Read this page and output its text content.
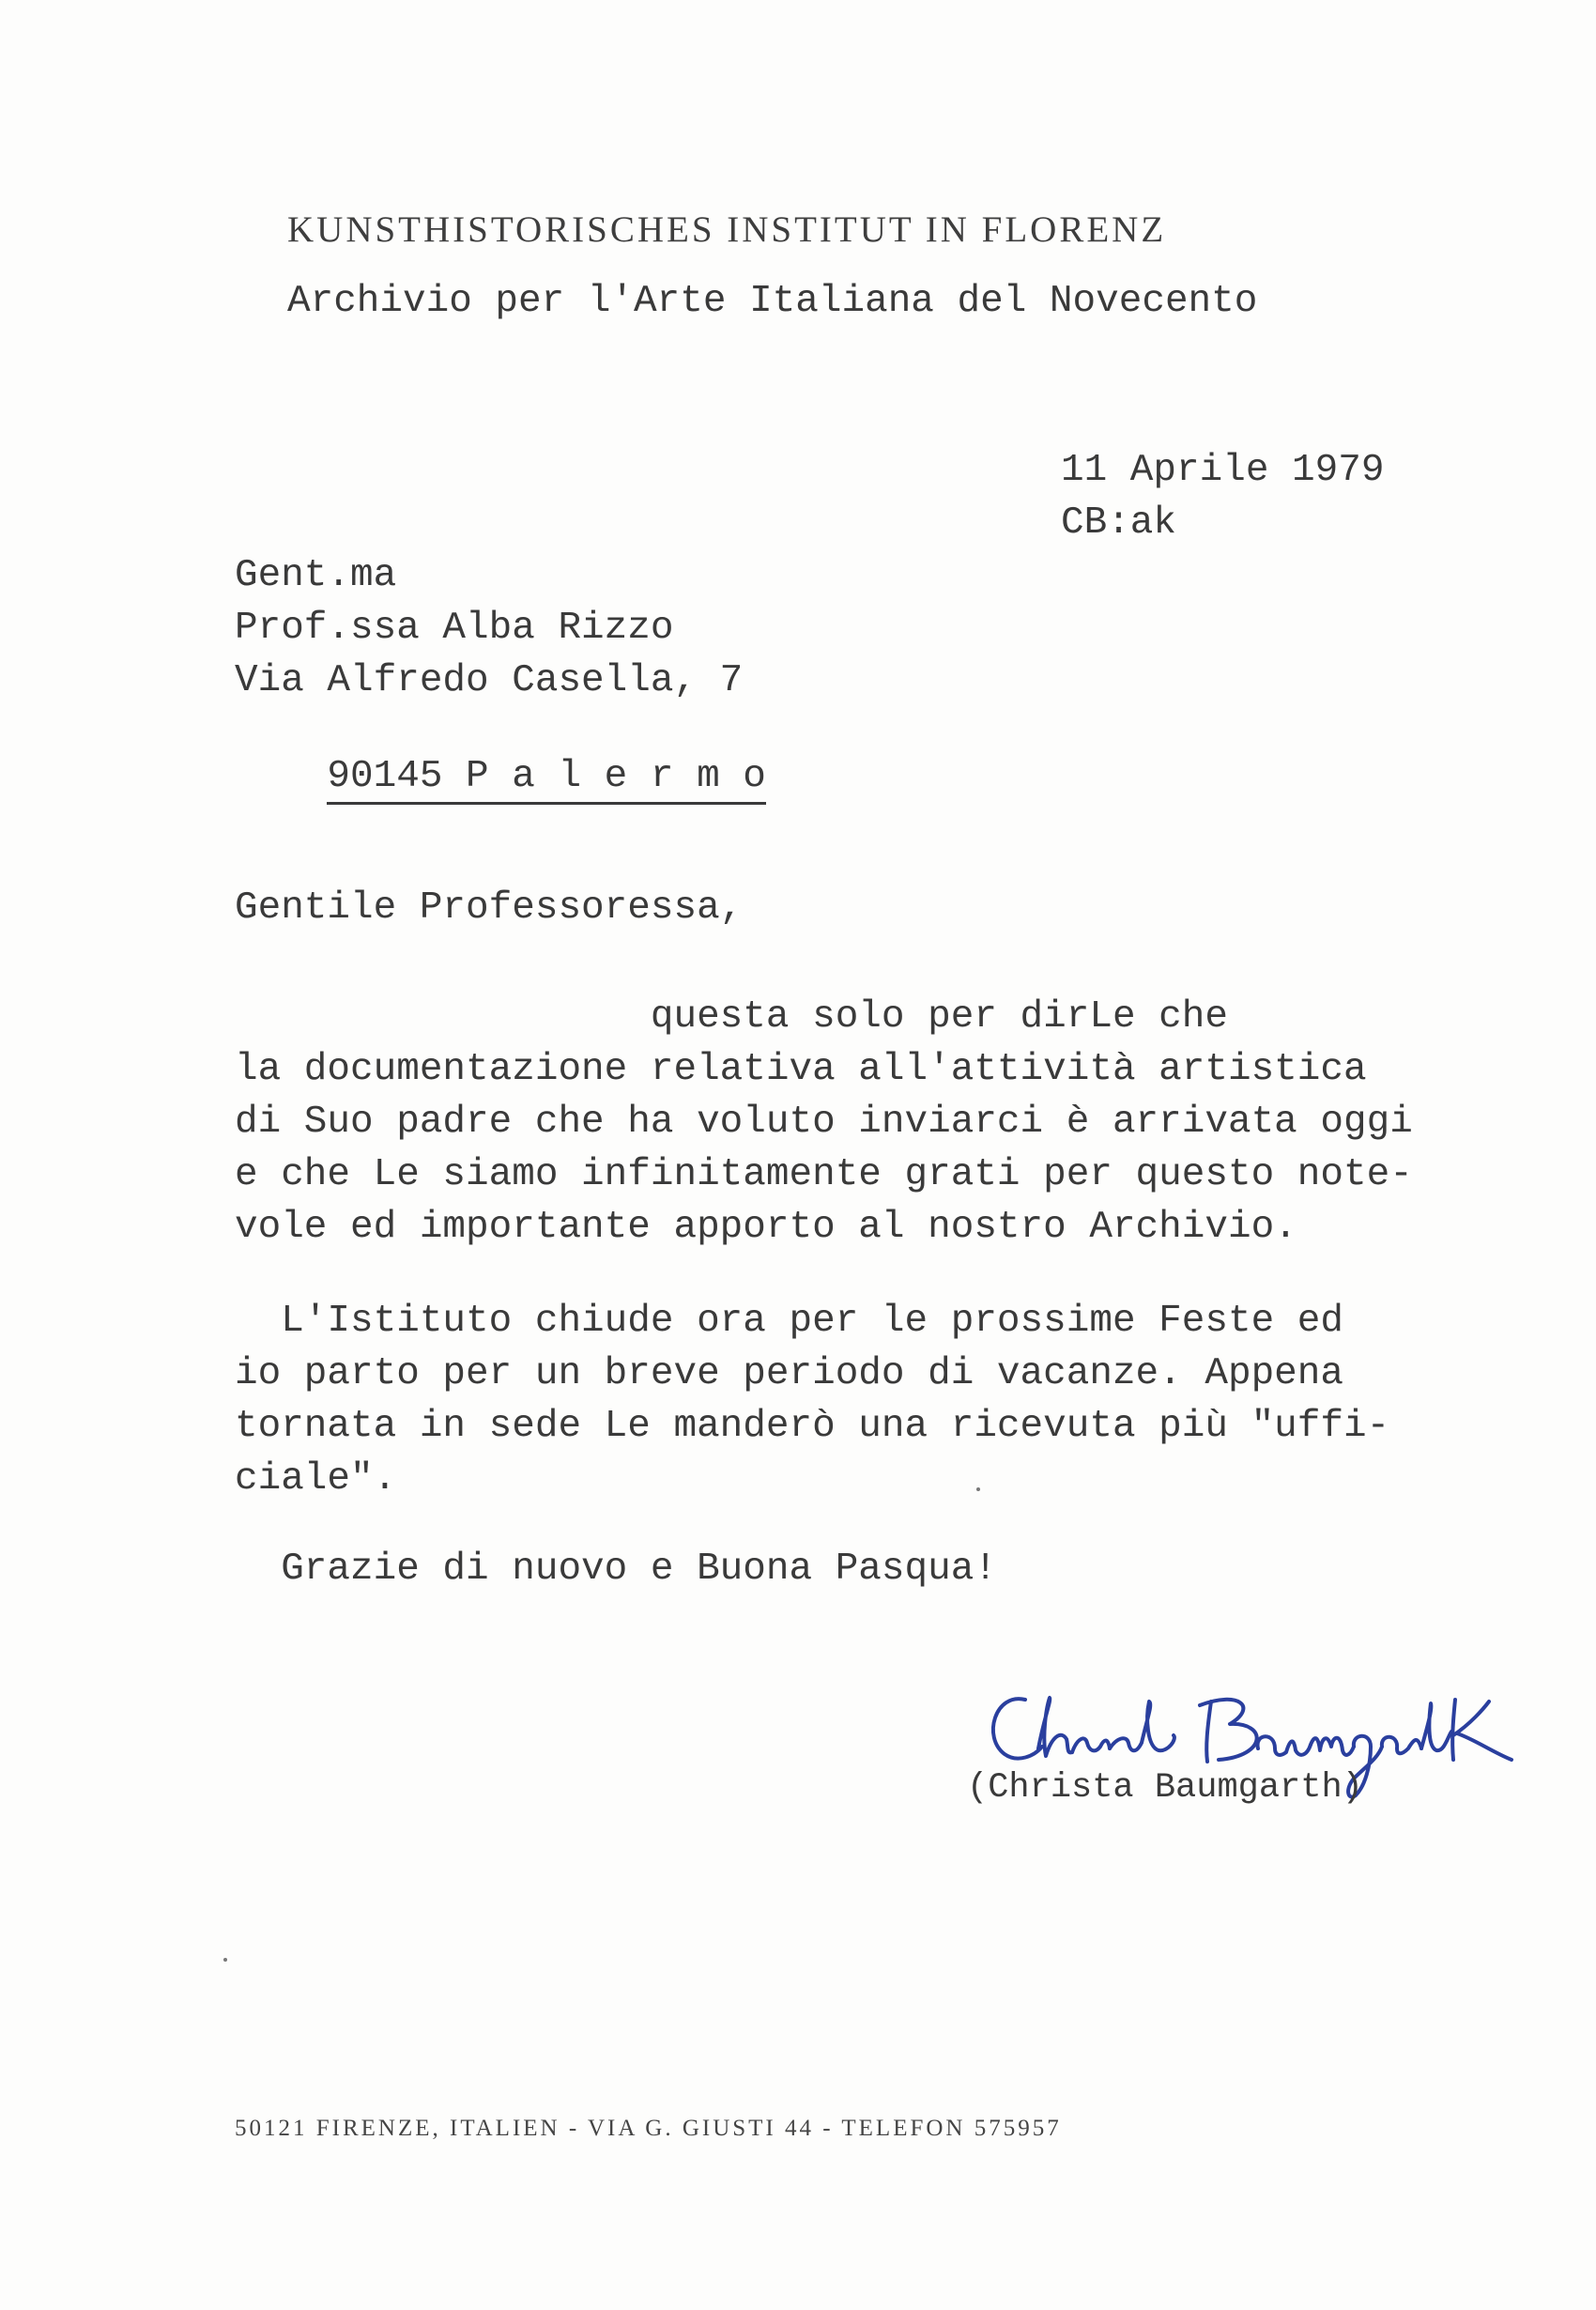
KUNSTHISTORISCHES INSTITUT IN FLORENZ
Archivio per l'Arte Italiana del Novecento
11 Aprile 1979
CB:ak
Gent.ma
Prof.ssa Alba Rizzo
Via Alfredo Casella, 7

90145 P a l e r m o

Gentile Professoressa,
questa solo per dirLe che
la documentazione relativa all'attività artistica
di Suo padre che ha voluto inviarci è arrivata oggi
e che Le siamo infinitamente grati per questo note-
vole ed importante apporto al nostro Archivio.
L'Istituto chiude ora per le prossime Feste ed
io parto per un breve periodo di vacanze. Appena
tornata in sede Le manderò una ricevuta più "uffi-
ciale".
Grazie di nuovo e Buona Pasqua!
(Christa Baumgarth)
50121 FIRENZE, ITALIEN - VIA G. GIUSTI 44 - TELEFON 575957
